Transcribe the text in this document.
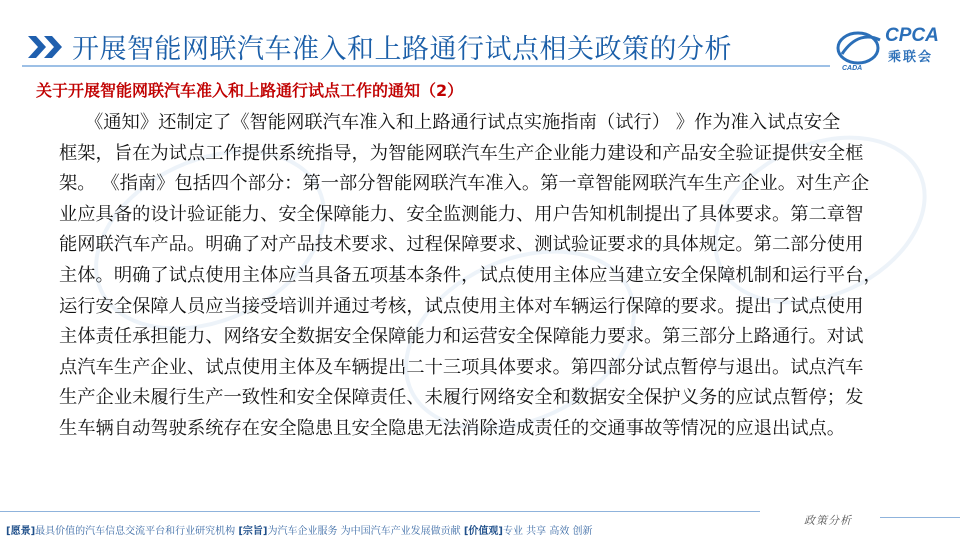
开展智能网联汽车准入和上路通行试点相关政策的分析
CADA
CPCA
乘联会
关于开展智能网联汽车准入和上路通行试点工作的通知（2）
《通知》还制定了《智能网联汽车准入和上路通行试点实施指南（试行） 》作为准入试点安全
框架，旨在为试点工作提供系统指导，为智能网联汽车生产企业能力建设和产品安全验证提供安全框
架。 《指南》包括四个部分：第一部分智能网联汽车准入。第一章智能网联汽车生产企业。对生产企
业应具备的设计验证能力、安全保障能力、安全监测能力、用户告知机制提出了具体要求。第二章智
能网联汽车产品。明确了对产品技术要求、过程保障要求、测试验证要求的具体规定。第二部分使用
主体。明确了试点使用主体应当具备五项基本条件，试点使用主体应当建立安全保障机制和运行平台，
运行安全保障人员应当接受培训并通过考核，试点使用主体对车辆运行保障的要求。提出了试点使用
主体责任承担能力、网络安全数据安全保障能力和运营安全保障能力要求。第三部分上路通行。对试
点汽车生产企业、试点使用主体及车辆提出二十三项具体要求。第四部分试点暂停与退出。试点汽车
生产企业未履行生产一致性和安全保障责任、未履行网络安全和数据安全保护义务的应试点暂停；发
生车辆自动驾驶系统存在安全隐患且安全隐患无法消除造成责任的交通事故等情况的应退出试点。
[愿景]最具价值的汽车信息交流平台和行业研究机构 [宗旨]为汽车企业服务 为中国汽车产业发展做贡献 [价值观]专业 共享 高效 创新
政策分析
